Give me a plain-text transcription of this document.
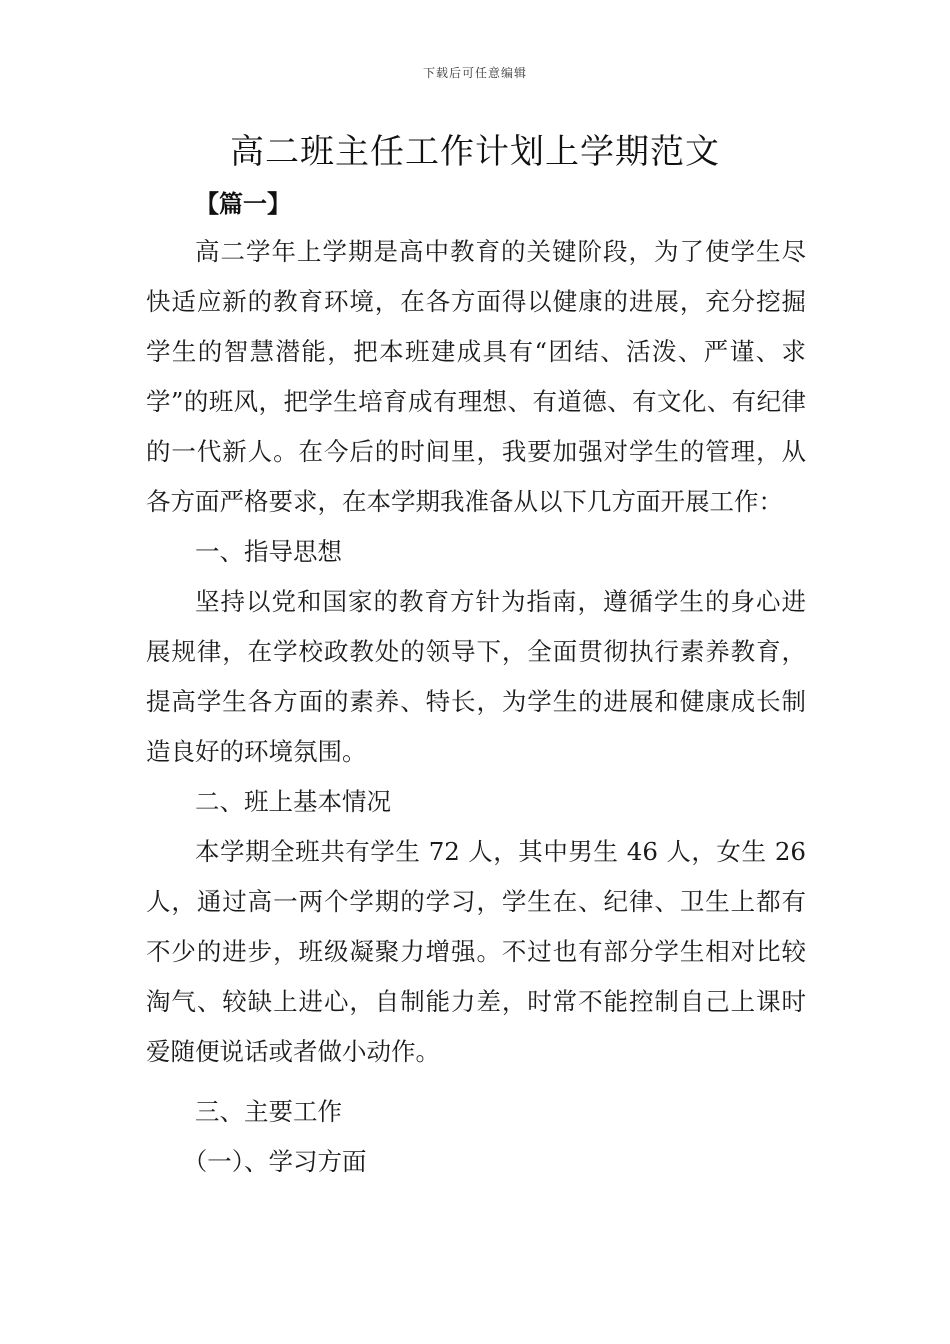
下载后可任意编辑
高二班主任工作计划上学期范文
【篇一】

高二学年上学期是高中教育的关键阶段，为了使学生尽快适应新的教育环境，在各方面得以健康的进展，充分挖掘学生的智慧潜能，把本班建成具有“团结、活泼、严谨、求学”的班风，把学生培育成有理想、有道德、有文化、有纪律的一代新人。在今后的时间里，我要加强对学生的管理，从各方面严格要求，在本学期我准备从以下几方面开展工作：

一、指导思想

坚持以党和国家的教育方针为指南，遵循学生的身心进展规律，在学校政教处的领导下，全面贯彻执行素养教育，提高学生各方面的素养、特长，为学生的进展和健康成长制造良好的环境氛围。

二、班上基本情况

本学期全班共有学生 72 人，其中男生 46 人，女生 26 人，通过高一两个学期的学习，学生在、纪律、卫生上都有不少的进步，班级凝聚力增强。不过也有部分学生相对比较淘气、较缺上进心，自制能力差，时常不能控制自己上课时爱随便说话或者做小动作。

三、主要工作

（一）、学习方面
